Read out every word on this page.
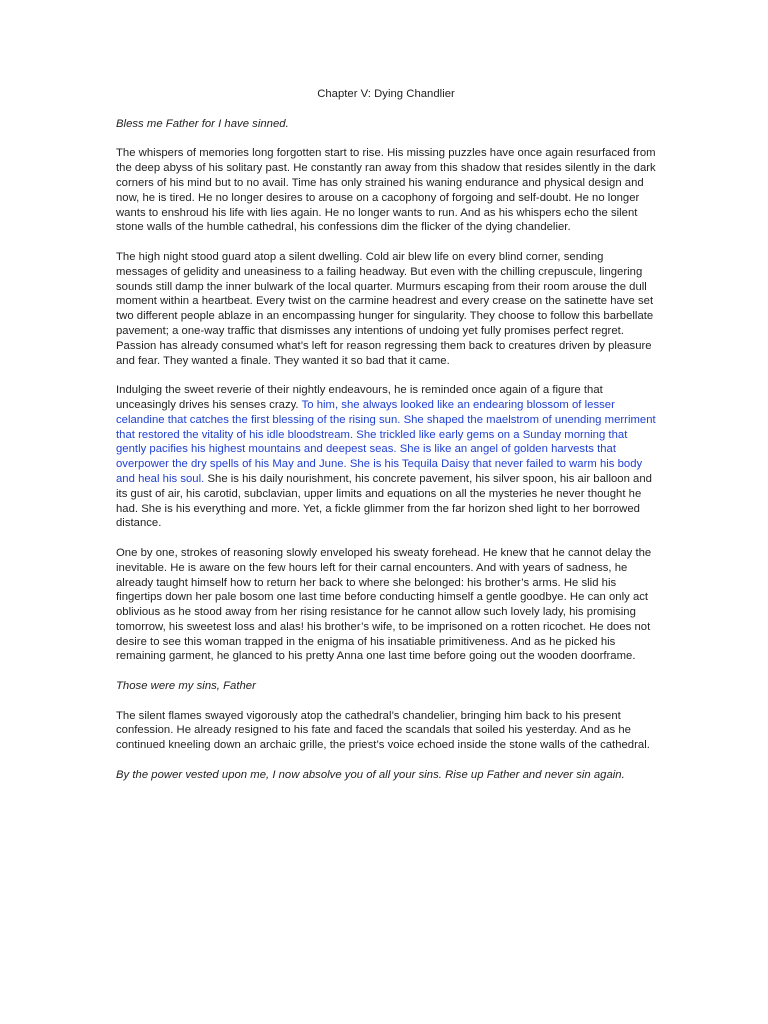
Chapter V: Dying Chandlier

Bless me Father for I have sinned.

The whispers of memories long forgotten start to rise. His missing puzzles have once again resurfaced from the deep abyss of his solitary past. He constantly ran away from this shadow that resides silently in the dark corners of his mind but to no avail. Time has only strained his waning endurance and physical design and now, he is tired. He no longer desires to arouse on a cacophony of forgoing and self-doubt. He no longer wants to enshroud his life with lies again. He no longer wants to run. And as his whispers echo the silent stone walls of the humble cathedral, his confessions dim the flicker of the dying chandelier.

The high night stood guard atop a silent dwelling. Cold air blew life on every blind corner, sending messages of gelidity and uneasiness to a failing headway. But even with the chilling crepuscule, lingering sounds still damp the inner bulwark of the local quarter. Murmurs escaping from their room arouse the dull moment within a heartbeat. Every twist on the carmine headrest and every crease on the satinette have set two different people ablaze in an encompassing hunger for singularity. They choose to follow this barbellate pavement; a one-way traffic that dismisses any intentions of undoing yet fully promises perfect regret. Passion has already consumed what’s left for reason regressing them back to creatures driven by pleasure and fear. They wanted a finale. They wanted it so bad that it came.

Indulging the sweet reverie of their nightly endeavours, he is reminded once again of a figure that unceasingly drives his senses crazy. To him, she always looked like an endearing blossom of lesser celandine that catches the first blessing of the rising sun. She shaped the maelstrom of unending merriment that restored the vitality of his idle bloodstream. She trickled like early gems on a Sunday morning that gently pacifies his highest mountains and deepest seas. She is like an angel of golden harvests that overpower the dry spells of his May and June. She is his Tequila Daisy that never failed to warm his body and heal his soul. She is his daily nourishment, his concrete pavement, his silver spoon, his air balloon and its gust of air, his carotid, subclavian, upper limits and equations on all the mysteries he never thought he had. She is his everything and more. Yet, a fickle glimmer from the far horizon shed light to her borrowed distance.

One by one, strokes of reasoning slowly enveloped his sweaty forehead. He knew that he cannot delay the inevitable. He is aware on the few hours left for their carnal encounters. And with years of sadness, he already taught himself how to return her back to where she belonged: his brother’s arms. He slid his fingertips down her pale bosom one last time before conducting himself a gentle goodbye. He can only act oblivious as he stood away from her rising resistance for he cannot allow such lovely lady, his promising tomorrow, his sweetest loss and alas! his brother’s wife, to be imprisoned on a rotten ricochet. He does not desire to see this woman trapped in the enigma of his insatiable primitiveness. And as he picked his remaining garment, he glanced to his pretty Anna one last time before going out the wooden doorframe.

Those were my sins, Father

The silent flames swayed vigorously atop the cathedral’s chandelier, bringing him back to his present confession. He already resigned to his fate and faced the scandals that soiled his yesterday. And as he continued kneeling down an archaic grille, the priest’s voice echoed inside the stone walls of the cathedral.

By the power vested upon me, I now absolve you of all your sins. Rise up Father and never sin again.
